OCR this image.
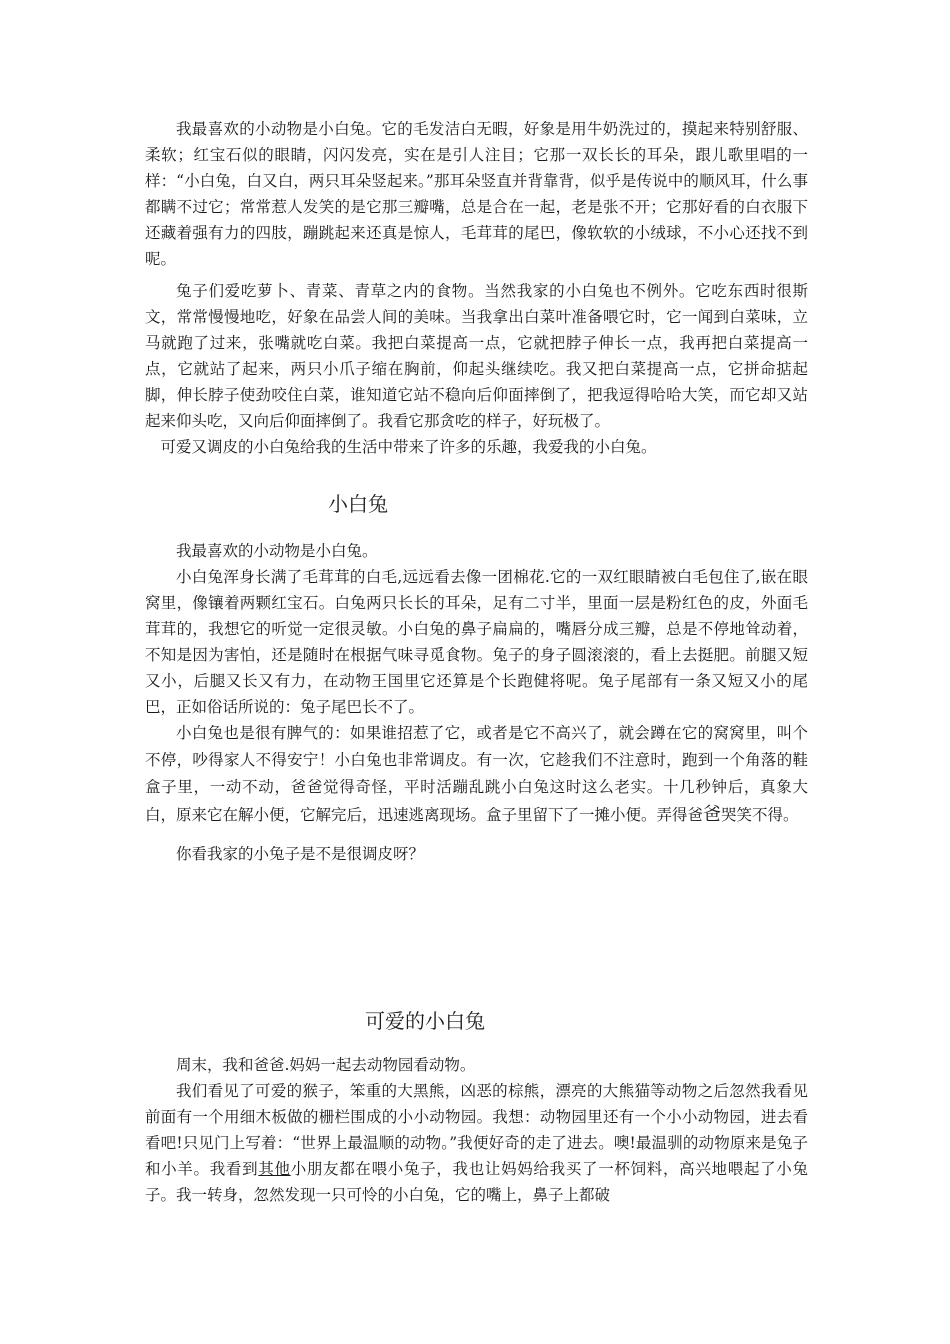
我最喜欢的小动物是小白兔。它的毛发洁白无暇，好象是用牛奶洗过的，摸起来特别舒服、柔软；红宝石似的眼睛，闪闪发亮，实在是引人注目；它那一双长长的耳朵，跟儿歌里唱的一样：“小白兔，白又白，两只耳朵竖起来。”那耳朵竖直并背靠背，似乎是传说中的顺风耳，什么事都瞒不过它；常常惹人发笑的是它那三瓣嘴，总是合在一起，老是张不开；它那好看的白衣服下还藏着强有力的四肢，蹦跳起来还真是惊人，毛茸茸的尾巴，像软软的小绒球，不小心还找不到呢。

兔子们爱吃萝卜、青菜、青草之内的食物。当然我家的小白兔也不例外。它吃东西时很斯文，常常慢慢地吃，好象在品尝人间的美味。当我拿出白菜叶准备喂它时，它一闻到白菜味，立马就跑了过来，张嘴就吃白菜。我把白菜提高一点，它就把脖子伸长一点，我再把白菜提高一点，它就站了起来，两只小爪子缩在胸前，仰起头继续吃。我又把白菜提高一点，它拼命掂起脚，伸长脖子使劲咬住白菜，谁知道它站不稳向后仰面摔倒了，把我逗得哈哈大笑，而它却又站起来仰头吃，又向后仰面摔倒了。我看它那贪吃的样子，好玩极了。

可爱又调皮的小白兔给我的生活中带来了许多的乐趣，我爱我的小白兔。

小白兔

我最喜欢的小动物是小白兔。

小白兔浑身长满了毛茸茸的白毛,远远看去像一团棉花.它的一双红眼睛被白毛包住了,嵌在眼窝里，像镶着两颗红宝石。白兔两只长长的耳朵，足有二寸半，里面一层是粉红色的皮，外面毛茸茸的，我想它的听觉一定很灵敏。小白兔的鼻子扁扁的，嘴唇分成三瓣，总是不停地耸动着，不知是因为害怕，还是随时在根据气味寻觅食物。兔子的身子圆滚滚的，看上去挺肥。前腿又短又小，后腿又长又有力，在动物王国里它还算是个长跑健将呢。兔子尾部有一条又短又小的尾巴，正如俗话所说的：兔子尾巴长不了。

小白兔也是很有脾气的：如果谁招惹了它，或者是它不高兴了，就会蹲在它的窝窝里，叫个不停，吵得家人不得安宁！小白兔也非常调皮。有一次，它趁我们不注意时，跑到一个角落的鞋盒子里，一动不动，爸爸觉得奇怪，平时活蹦乱跳小白兔这时这么老实。十几秒钟后，真象大白，原来它在解小便，它解完后，迅速逃离现场。盒子里留下了一摊小便。弄得爸爸哭笑不得。

你看我家的小兔子是不是很调皮呀？

可爱的小白兔

周末，我和爸爸.妈妈一起去动物园看动物。

我们看见了可爱的猴子，笨重的大黑熊，凶恶的棕熊，漂亮的大熊猫等动物之后忽然我看见前面有一个用细木板做的栅栏围成的小小动物园。我想：动物园里还有一个小小动物园，进去看看吧!只见门上写着：“世界上最温顺的动物。”我便好奇的走了进去。噢!最温驯的动物原来是兔子和小羊。我看到其他小朋友都在喂小兔子，我也让妈妈给我买了一杯饲料，高兴地喂起了小兔子。我一转身，忽然发现一只可怜的小白兔，它的嘴上，鼻子上都破
